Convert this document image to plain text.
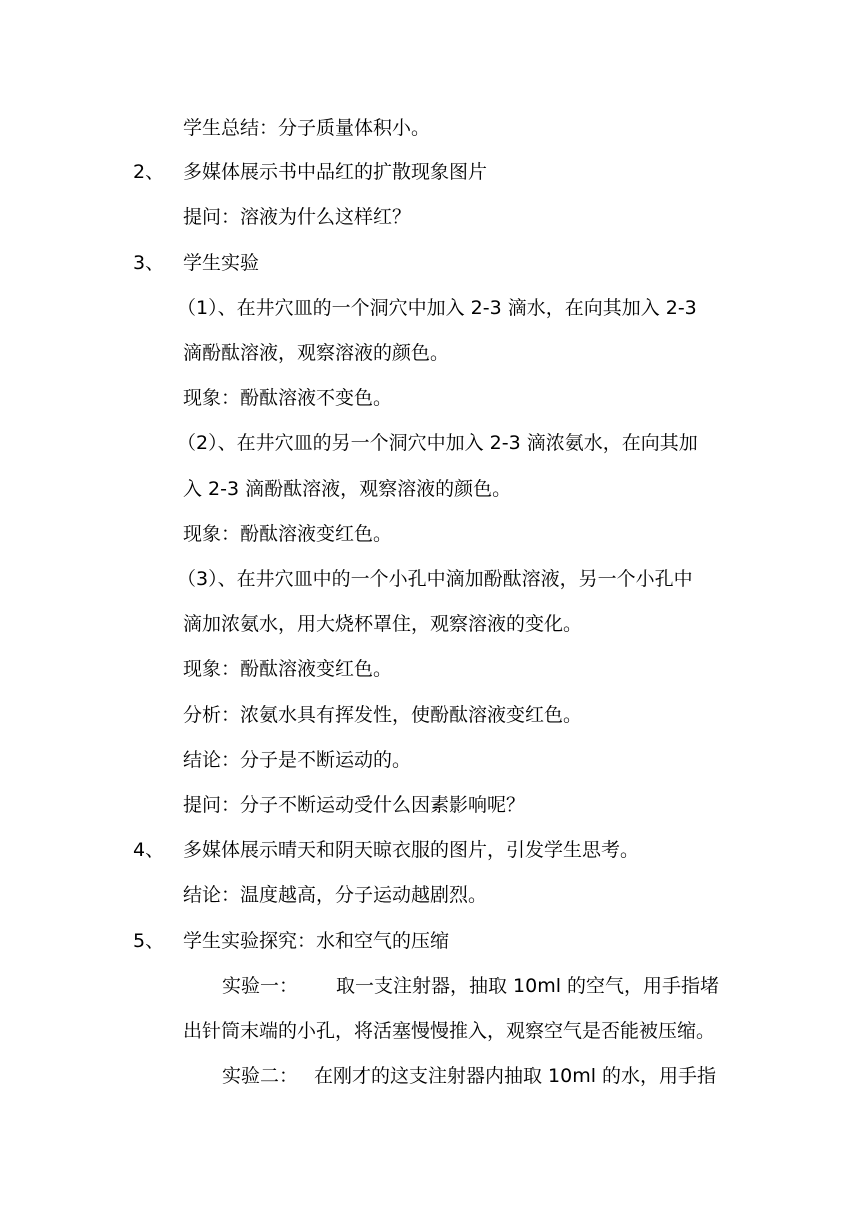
学生总结：分子质量体积小。
2、 多媒体展示书中品红的扩散现象图片
提问：溶液为什么这样红？
3、 学生实验
（1）、在井穴皿的一个洞穴中加入 2-3 滴水，在向其加入 2-3
滴酚酞溶液，观察溶液的颜色。
现象：酚酞溶液不变色。
（2）、在井穴皿的另一个洞穴中加入 2-3 滴浓氨水，在向其加
入 2-3 滴酚酞溶液，观察溶液的颜色。
现象：酚酞溶液变红色。
（3）、在井穴皿中的一个小孔中滴加酚酞溶液，另一个小孔中
滴加浓氨水，用大烧杯罩住，观察溶液的变化。
现象：酚酞溶液变红色。
分析：浓氨水具有挥发性，使酚酞溶液变红色。
结论：分子是不断运动的。
提问：分子不断运动受什么因素影响呢？
4、 多媒体展示晴天和阴天晾衣服的图片，引发学生思考。
结论：温度越高，分子运动越剧烈。
5、 学生实验探究：水和空气的压缩
实验一： 取一支注射器，抽取 10ml 的空气，用手指堵
出针筒末端的小孔，将活塞慢慢推入，观察空气是否能被压缩。
实验二： 在刚才的这支注射器内抽取 10ml 的水，用手指
